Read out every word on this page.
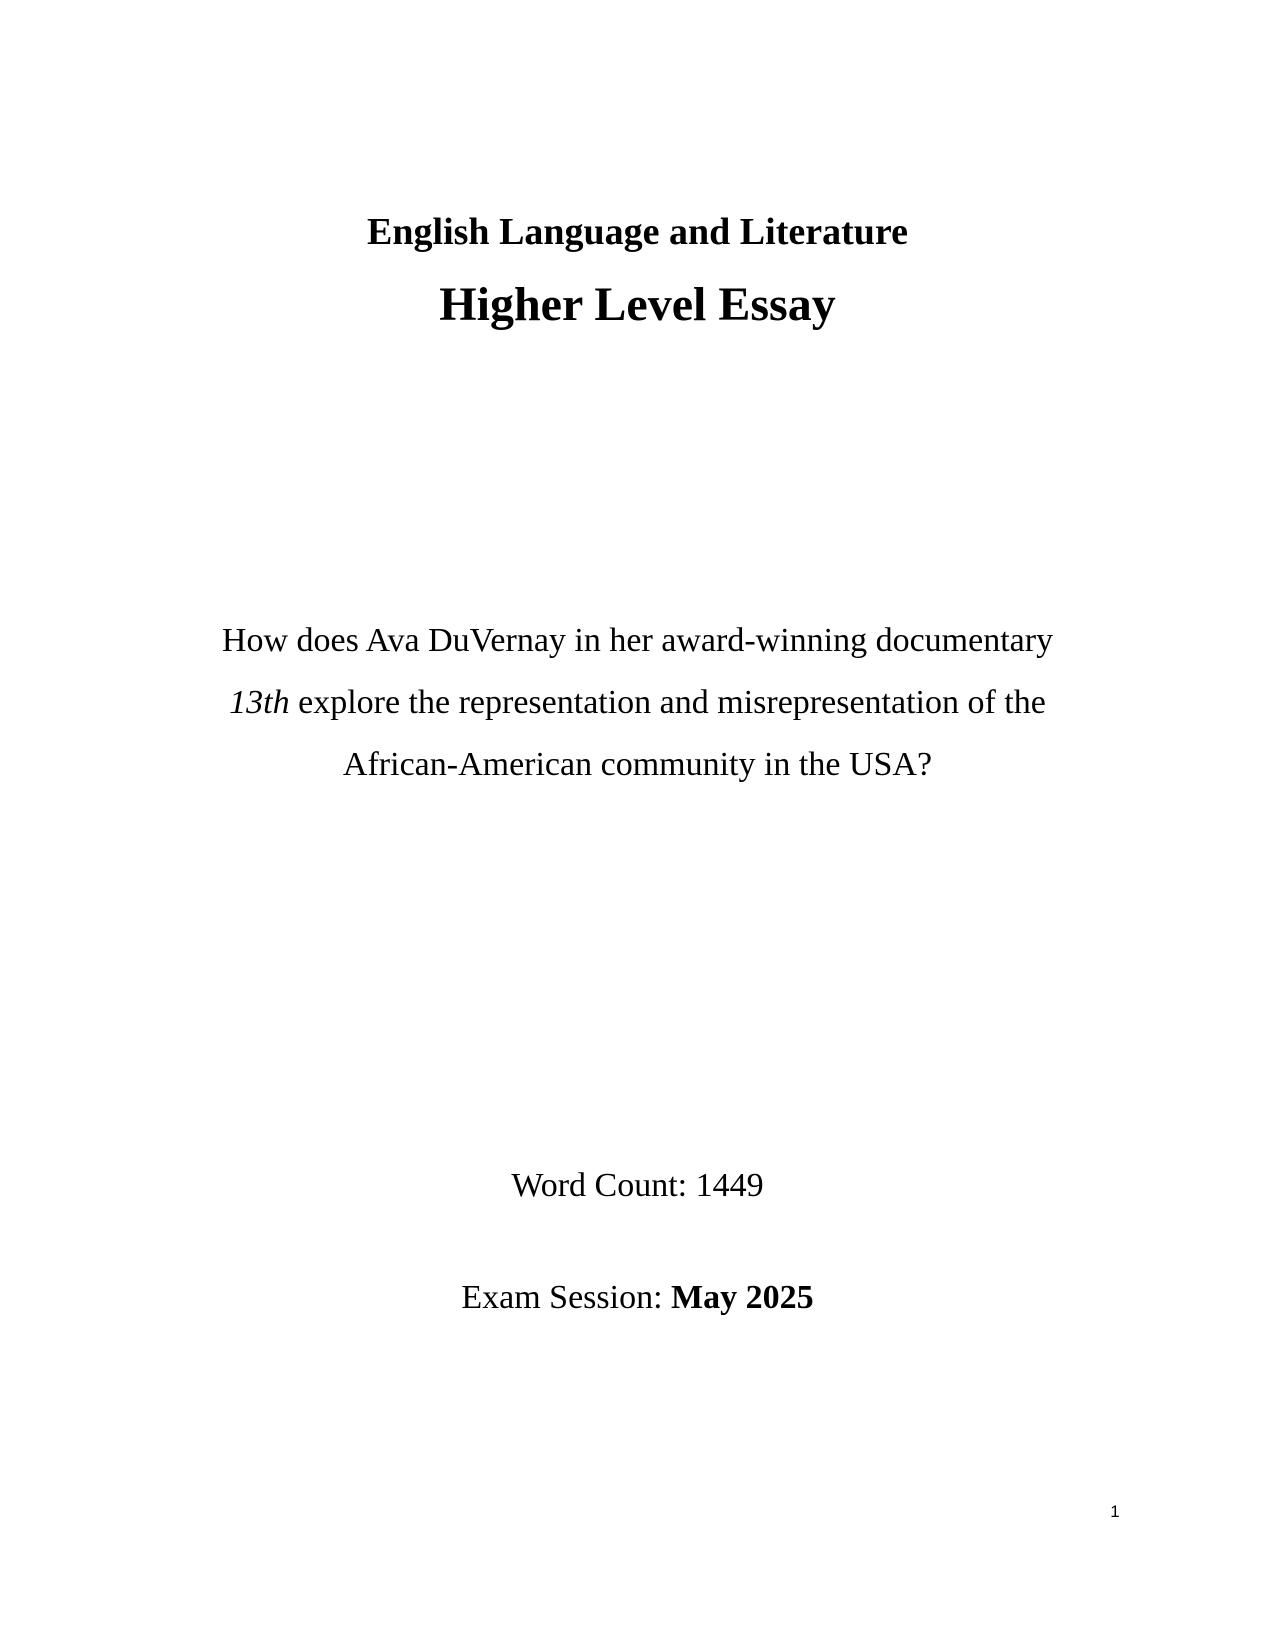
English Language and Literature
Higher Level Essay
How does Ava DuVernay in her award-winning documentary
13th explore the representation and misrepresentation of the
African-American community in the USA?
Word Count: 1449
Exam Session: May 2025
1
